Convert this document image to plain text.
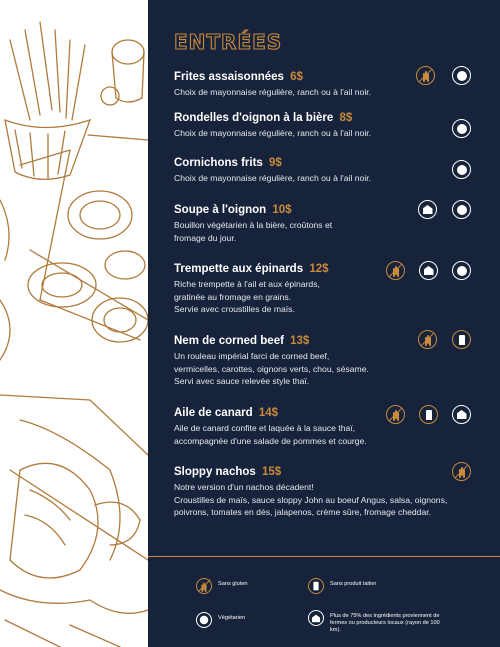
ENTRÉES
Frites assaisonnées 6$
Choix de mayonnaise régulière, ranch ou à l'ail noir.
Rondelles d'oignon à la bière 8$
Choix de mayonnaise régulière, ranch ou à l'ail noir.
Cornichons frits 9$
Choix de mayonnaise régulière, ranch ou à l'ail noir.
Soupe à l'oignon 10$
Bouillon végétarien à la bière, croûtons et
fromage du jour.
Trempette aux épinards 12$
Riche trempette à l'ail et aux épinards,
gratinée au fromage en grains.
Servie avec croustilles de maïs.
Nem de corned beef 13$
Un rouleau impérial farci de corned beef,
vermicelles, carottes, oignons verts, chou, sésame.
Servi avec sauce relevée style thaï.
Aile de canard 14$
Aile de canard confite et laquée à la sauce thaï,
accompagnée d'une salade de pommes et courge.
Sloppy nachos 15$
Notre version d'un nachos décadent!
Croustilles de maïs, sauce sloppy John au boeuf Angus, salsa, oignons,
poivrons, tomates en dés, jalapenos, crème sûre, fromage cheddar.
Sans gluten	Sans produit laitier
Végétarien	Plus de 75% des ingrédients proviennent de fermes ou producteurs locaux (rayon de 100 km).
